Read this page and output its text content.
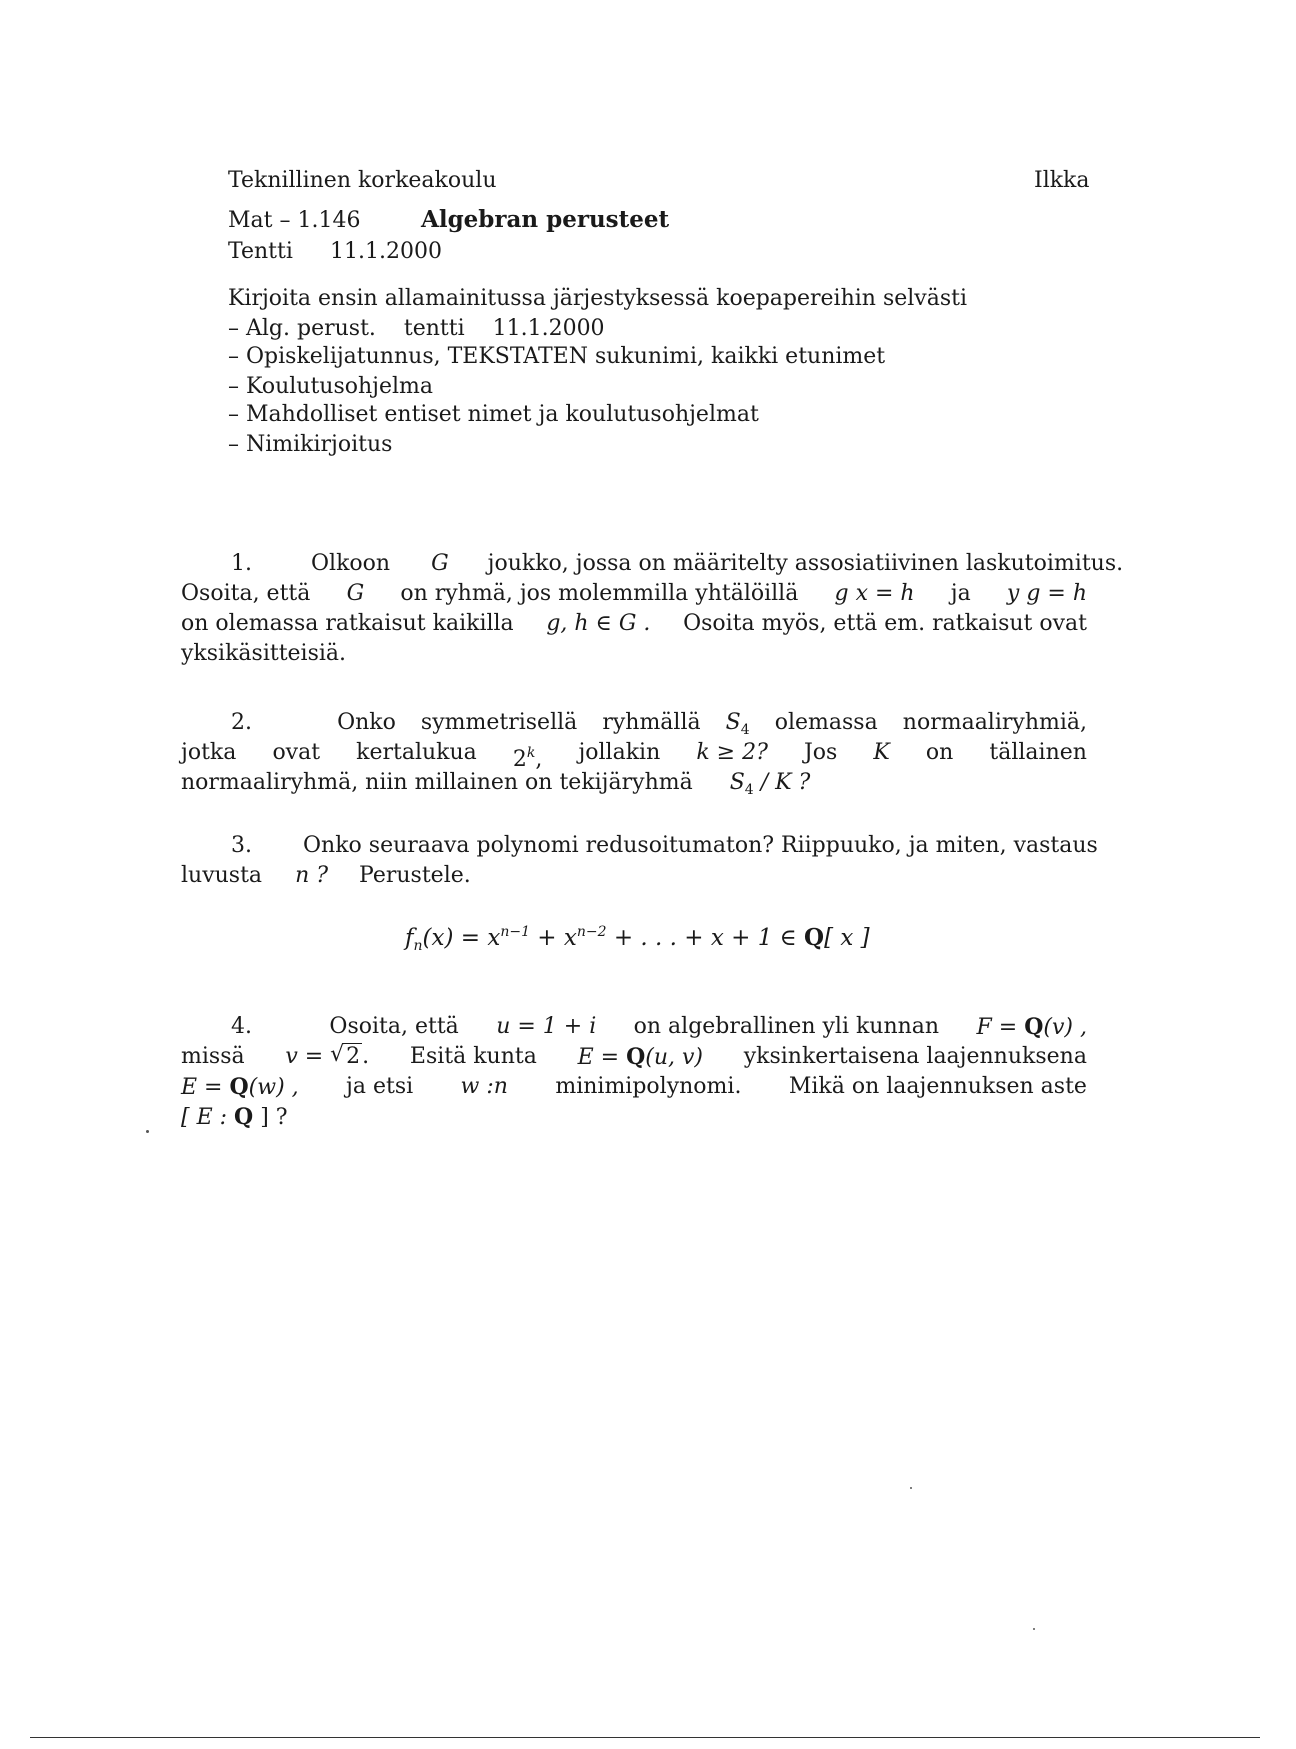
Teknillinen korkeakoulu	Ilkka
Mat – 1.146	Algebran perusteet
Tentti 11.1.2000
Kirjoita ensin allamainitussa järjestyksessä koepapereihin selvästi
– Alg. perust.    tentti    11.1.2000
– Opiskelijatunnus, TEKSTATEN sukunimi, kaikki etunimet
– Koulutusohjelma
– Mahdolliset entiset nimet ja koulutusohjelmat
– Nimikirjoitus
1.	Olkoon G joukko, jossa on määritelty assosiatiivinen laskutoimitus.
Osoita, että G on ryhmä, jos molemmilla yhtälöillä g x = h ja y g = h
on olemassa ratkaisut kaikilla g, h ∈ G . Osoita myös, että em. ratkaisut ovat
yksikäsitteisiä.
2.	Onko symmetrisellä ryhmällä $S_4$ olemassa normaaliryhmiä,
jotka ovat kertalukua 2$^k$, jollakin k ≥ 2? Jos K on tällainen
normaaliryhmä, niin millainen on tekijäryhmä $S_4$ / K ?
3. Onko seuraava polynomi redusoitumaton? Riippuuko, ja miten, vastaus
luvusta n ? Perustele.
$f_n(x) = x^{n-1} + x^{n-2}$ + . . . + x + 1 ∈ Q[ x ]
4.	Osoita, että u = 1 + i on algebrallinen yli kunnan F = Q(v) ,
missä v = √ 2. Esitä kunta E = Q(u, v) yksinkertaisena laajennuksena
E = Q(w) , ja etsi w :n minimipolynomi. Mikä on laajennuksen aste
[ E : Q ] ?
